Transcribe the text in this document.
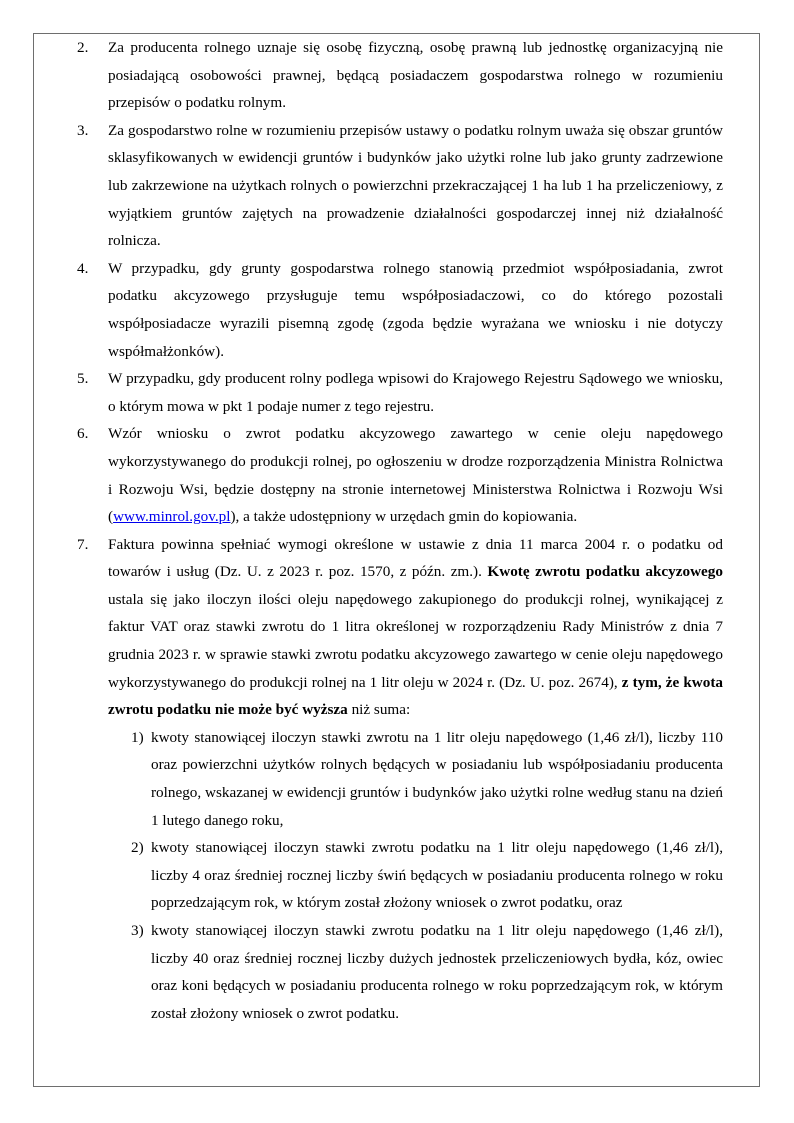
2.	Za producenta rolnego uznaje się osobę fizyczną, osobę prawną lub jednostkę organizacyjną nie posiadającą osobowości prawnej, będącą posiadaczem gospodarstwa rolnego w rozumieniu przepisów o podatku rolnym.
3.	Za gospodarstwo rolne w rozumieniu przepisów ustawy o podatku rolnym uważa się obszar gruntów sklasyfikowanych w ewidencji gruntów i budynków jako użytki rolne lub jako grunty zadrzewione lub zakrzewione na użytkach rolnych o powierzchni przekraczającej 1 ha lub 1 ha przeliczeniowy, z wyjątkiem gruntów zajętych na prowadzenie działalności gospodarczej innej niż działalność rolnicza.
4.	W przypadku, gdy grunty gospodarstwa rolnego stanowią przedmiot współposiadania, zwrot podatku akcyzowego przysługuje temu współposiadaczowi, co do którego pozostali współposiadacze wyrazili pisemną zgodę (zgoda będzie wyrażana we wniosku i nie dotyczy współmałżonków).
5.	W przypadku, gdy producent rolny podlega wpisowi do Krajowego Rejestru Sądowego we wniosku, o którym mowa w pkt 1 podaje numer z tego rejestru.
6.	Wzór wniosku o zwrot podatku akcyzowego zawartego w cenie oleju napędowego wykorzystywanego do produkcji rolnej, po ogłoszeniu w drodze rozporządzenia Ministra Rolnictwa i Rozwoju Wsi, będzie dostępny na stronie internetowej Ministerstwa Rolnictwa i Rozwoju Wsi (www.minrol.gov.pl), a także udostępniony w urzędach gmin do kopiowania.
7.	Faktura powinna spełniać wymogi określone w ustawie z dnia 11 marca 2004 r. o podatku od towarów i usług (Dz. U. z 2023 r. poz. 1570, z późn. zm.). Kwotę zwrotu podatku akcyzowego ustala się jako iloczyn ilości oleju napędowego zakupionego do produkcji rolnej, wynikającej z faktur VAT oraz stawki zwrotu do 1 litra określonej w rozporządzeniu Rady Ministrów z dnia 7 grudnia 2023 r. w sprawie stawki zwrotu podatku akcyzowego zawartego w cenie oleju napędowego wykorzystywanego do produkcji rolnej na 1 litr oleju w 2024 r. (Dz. U. poz. 2674), z tym, że kwota zwrotu podatku nie może być wyższa niż suma:
1) kwoty stanowiącej iloczyn stawki zwrotu na 1 litr oleju napędowego (1,46 zł/l), liczby 110 oraz powierzchni użytków rolnych będących w posiadaniu lub współposiadaniu producenta rolnego, wskazanej w ewidencji gruntów i budynków jako użytki rolne według stanu na dzień 1 lutego danego roku,
2) kwoty stanowiącej iloczyn stawki zwrotu podatku na 1 litr oleju napędowego (1,46 zł/l), liczby 4 oraz średniej rocznej liczby świń będących w posiadaniu producenta rolnego w roku poprzedzającym rok, w którym został złożony wniosek o zwrot podatku, oraz
3) kwoty stanowiącej iloczyn stawki zwrotu podatku na 1 litr oleju napędowego (1,46 zł/l), liczby 40 oraz średniej rocznej liczby dużych jednostek przeliczeniowych bydła, kóz, owiec oraz koni będących w posiadaniu producenta rolnego w roku poprzedzającym rok, w którym został złożony wniosek o zwrot podatku.
